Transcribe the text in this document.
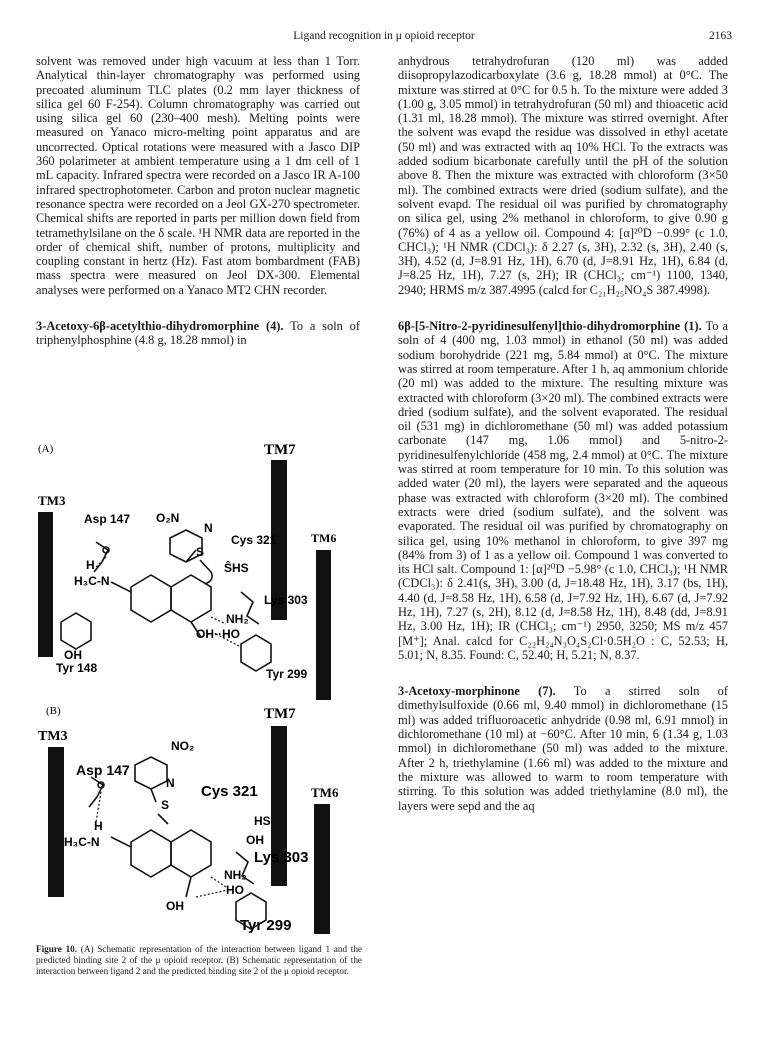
Ligand recognition in μ opioid receptor	2163

solvent was removed under high vacuum at less than 1 Torr. Analytical thin-layer chromatography was performed using precoated aluminum TLC plates (0.2 mm layer thickness of silica gel 60 F-254). Column chromatography was carried out using silica gel 60 (230–400 mesh). Melting points were measured on Yanaco micro-melting point apparatus and are uncorrected. Optical rotations were measured with a Jasco DIP 360 polarimeter at ambient temperature using a 1 dm cell of 1 mL capacity. Infrared spectra were recorded on a Jasco IR A-100 infrared spectrophotometer. Carbon and proton nuclear magnetic resonance spectra were recorded on a Jeol GX-270 spectrometer. Chemical shifts are reported in parts per million down field from tetramethylsilane on the δ scale. ¹H NMR data are reported in the order of chemical shift, number of protons, multiplicity and coupling constant in hertz (Hz). Fast atom bombardment (FAB) mass spectra were measured on Jeol DX-300. Elemental analyses were performed on a Yanaco MT2 CHN recorder.

3-Acetoxy-6β-acetylthio-dihydromorphine (4). To a soln of triphenylphosphine (4.8 g, 18.28 mmol) in

(A)	TM7
TM3
TM6
Asp 147 O₂N
Cys 321
N
S
ŜHS
H
H₃C-N
Lys 303
NH₂
OH··HO
OH
Tyr 148	Tyr 299
(B)	TM7
TM3
TM6
NO₂
Asp 147
N Cys 321
S
HS
H
OH
H₃C-N
Lys 303
NH₂
HO
OH
Tyr 299
Figure 10. (A) Schematic representation of the interaction between ligand 1 and the predicted binding site 2 of the μ opioid receptor. (B) Schematic representation of the interaction between ligand 2 and the predicted binding site 2 of the μ opioid receptor.

anhydrous tetrahydrofuran (120 ml) was added diisopropylazodicarboxylate (3.6 g, 18.28 mmol) at 0°C. The mixture was stirred at 0°C for 0.5 h. To the mixture were added 3 (1.00 g, 3.05 mmol) in tetrahydrofuran (50 ml) and thioacetic acid (1.31 ml, 18.28 mmol). The mixture was stirred overnight. After the solvent was evapd the residue was dissolved in ethyl acetate (50 ml) and was extracted with aq 10% HCl. To the extracts was added sodium bicarbonate carefully until the pH of the solution above 8. Then the mixture was extracted with chloroform (3×50 ml). The combined extracts were dried (sodium sulfate), and the solvent evapd. The residual oil was purified by chromatography on silica gel, using 2% methanol in chloroform, to give 0.90 g (76%) of 4 as a yellow oil. Compound 4: [α]²⁰D −0.99° (c 1.0, CHCl₃); ¹H NMR (CDCl₃): δ 2.27 (s, 3H), 2.32 (s, 3H), 2.40 (s, 3H), 4.52 (d, J=8.91 Hz, 1H), 6.70 (d, J=8.91 Hz, 1H), 6.84 (d, J=8.25 Hz, 1H), 7.27 (s, 2H); IR (CHCl₃; cm⁻¹) 1100, 1340, 2940; HRMS m/z 387.4995 (calcd for C₂₁H₂₅NO₄S 387.4998).

6β-[5-Nitro-2-pyridinesulfenyl]thio-dihydromorphine (1). To a soln of 4 (400 mg, 1.03 mmol) in ethanol (50 ml) was added sodium borohydride (221 mg, 5.84 mmol) at 0°C. The mixture was stirred at room temperature. After 1 h, aq ammonium chloride (20 ml) was added to the mixture. The resulting mixture was extracted with chloroform (3×20 ml). The combined extracts were dried (sodium sulfate), and the solvent evaporated. The residual oil (531 mg) in dichloromethane (50 ml) was added potassium carbonate (147 mg, 1.06 mmol) and 5-nitro-2-pyridinesulfenylchloride (458 mg, 2.4 mmol) at 0°C. The mixture was stirred at room temperature for 10 min. To this solution was added water (20 ml), the layers were separated and the aqueous phase was extracted with chloroform (3×20 ml). The combined extracts were dried (sodium sulfate), and the solvent was evaporated. The residual oil was purified by chromatography on silica gel, using 10% methanol in chloroform, to give 397 mg (84% from 3) of 1 as a yellow oil. Compound 1 was converted to its HCl salt. Compound 1: [α]²⁰D −5.98° (c 1.0, CHCl₃); ¹H NMR (CDCl₃): δ 2.41(s, 3H), 3.00 (d, J=18.48 Hz, 1H), 3.17 (bs, 1H), 4.40 (d, J=8.58 Hz, 1H), 6.58 (d, J=7.92 Hz, 1H), 6.67 (d, J=7.92 Hz, 1H), 7.27 (s, 2H), 8.12 (d, J=8.58 Hz, 1H), 8.48 (dd, J=8.91 Hz, 3.00 Hz, 1H); IR (CHCl₃; cm⁻¹) 2950, 3250; MS m/z 457 [M⁺]; Anal. calcd for C₂₂H₂₄N₃O₄S₂Cl·0.5H₂O : C, 52.53; H, 5.01; N, 8.35. Found: C, 52.40; H, 5.21; N, 8.37.

3-Acetoxy-morphinone (7). To a stirred soln of dimethylsulfoxide (0.66 ml, 9.40 mmol) in dichloromethane (15 ml) was added trifluoroacetic anhydride (0.98 ml, 6.91 mmol) in dichloromethane (10 ml) at −60°C. After 10 min, 6 (1.34 g, 1.03 mmol) in dichloromethane (50 ml) was added to the mixture. After 2 h, triethylamine (1.66 ml) was added to the mixture and the mixture was allowed to warm to room temperature with stirring. To this solution was added triethylamine (8.0 ml), the layers were sepd and the aq
